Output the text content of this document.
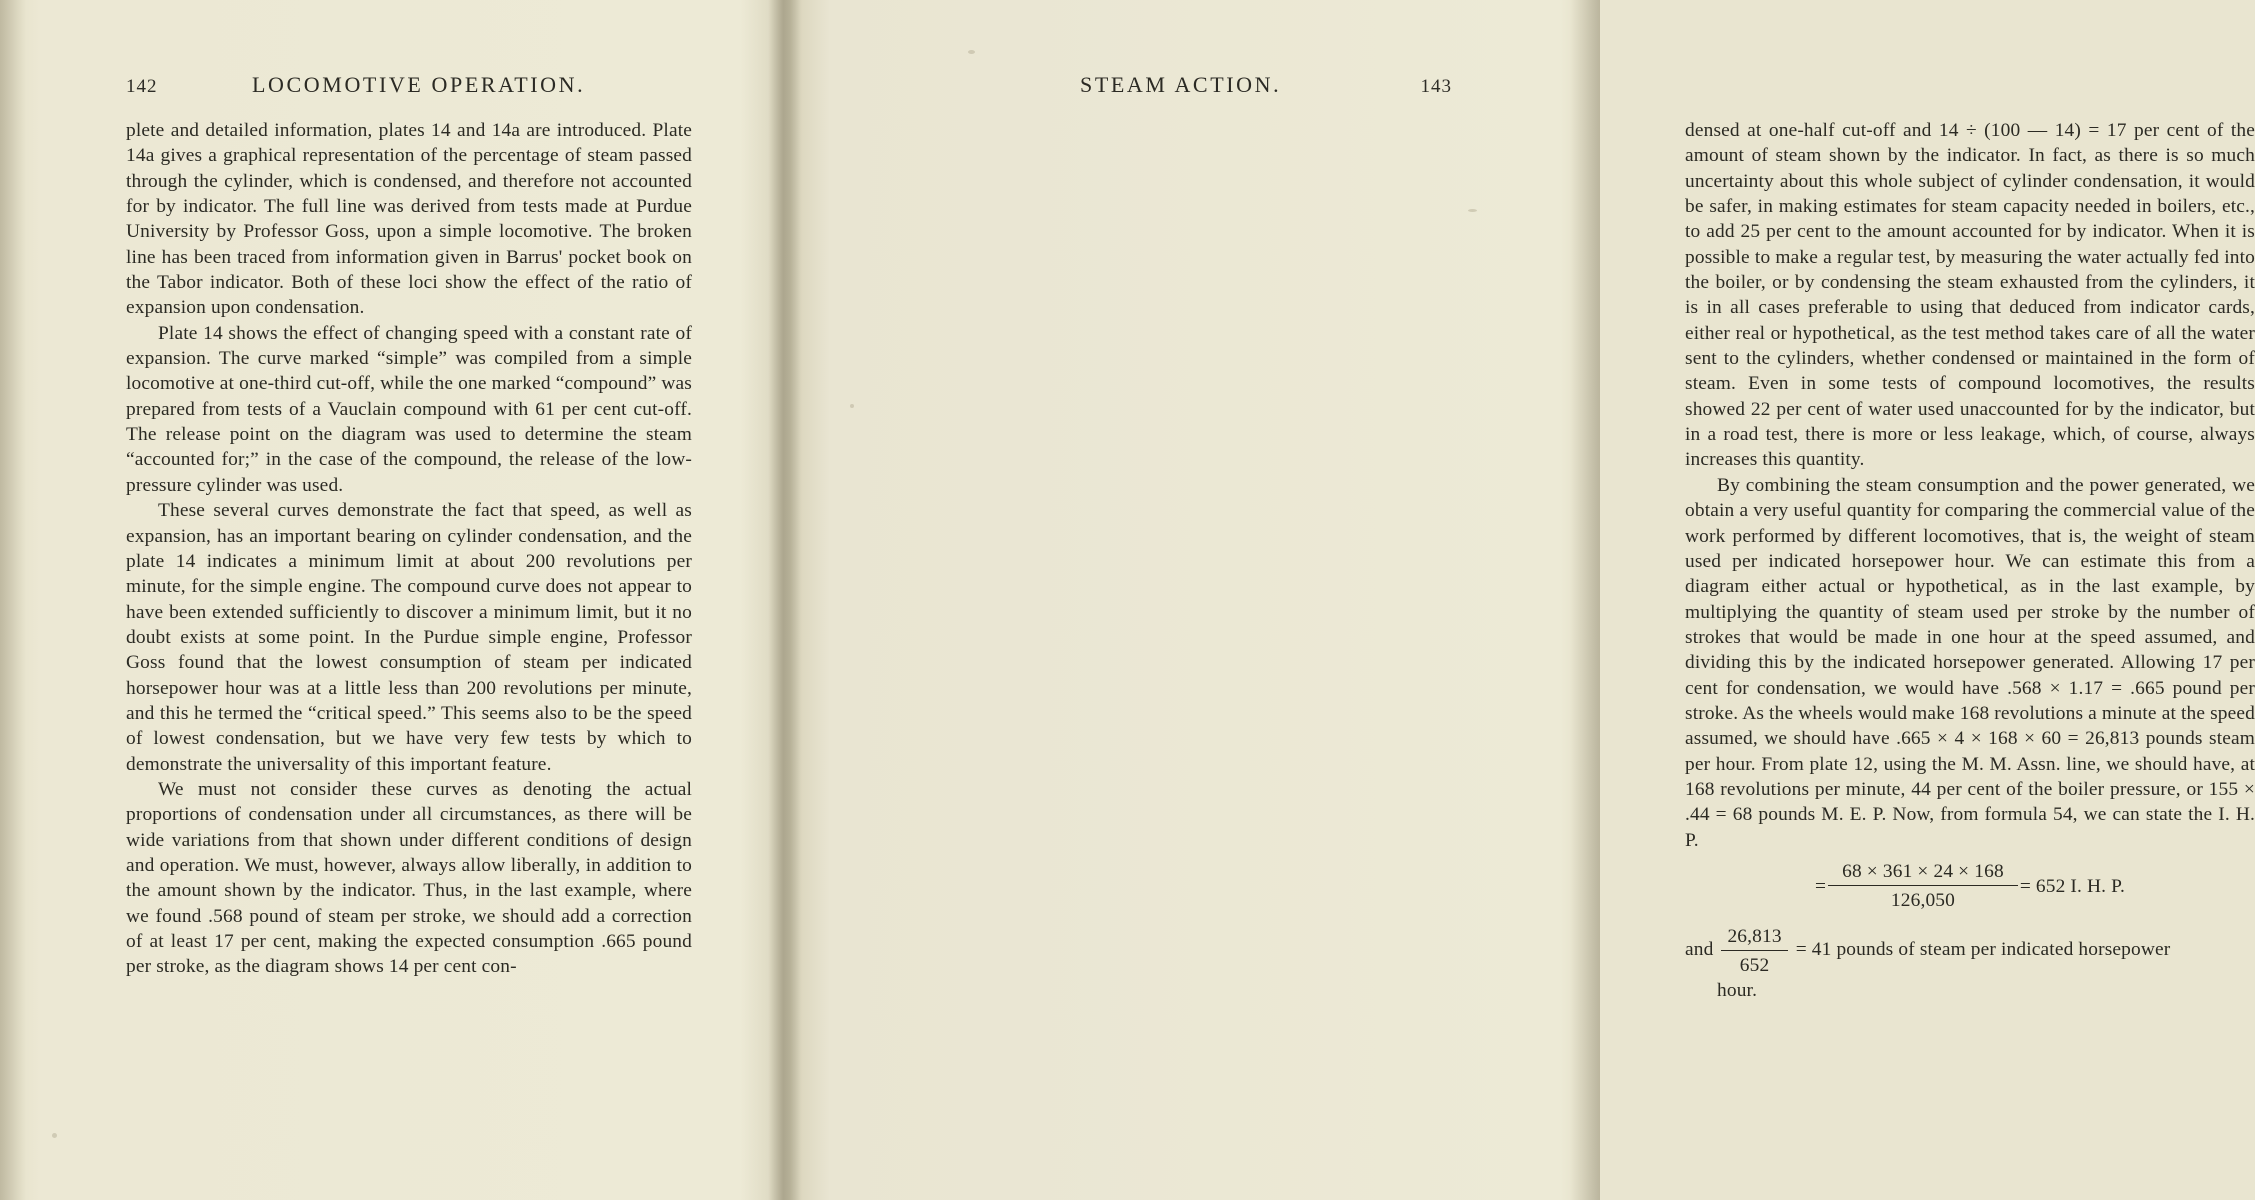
142	LOCOMOTIVE OPERATION.

plete and detailed information, plates 14 and 14a are introduced. Plate 14a gives a graphical representation of the percentage of steam passed through the cylinder, which is condensed, and therefore not accounted for by indicator. The full line was derived from tests made at Purdue University by Professor Goss, upon a simple locomotive. The broken line has been traced from information given in Barrus' pocket book on the Tabor indicator. Both of these loci show the effect of the ratio of expansion upon condensation.

Plate 14 shows the effect of changing speed with a constant rate of expansion. The curve marked “simple” was compiled from a simple locomotive at one-third cut-off, while the one marked “compound” was prepared from tests of a Vauclain compound with 61 per cent cut-off. The release point on the diagram was used to determine the steam “accounted for;” in the case of the compound, the release of the low-pressure cylinder was used.

These several curves demonstrate the fact that speed, as well as expansion, has an important bearing on cylinder condensation, and the plate 14 indicates a minimum limit at about 200 revolutions per minute, for the simple engine. The compound curve does not appear to have been extended sufficiently to discover a minimum limit, but it no doubt exists at some point. In the Purdue simple engine, Professor Goss found that the lowest consumption of steam per indicated horsepower hour was at a little less than 200 revolutions per minute, and this he termed the “critical speed.” This seems also to be the speed of lowest condensation, but we have very few tests by which to demonstrate the universality of this important feature.

We must not consider these curves as denoting the actual proportions of condensation under all circumstances, as there will be wide variations from that shown under different conditions of design and operation. We must, however, always allow liberally, in addition to the amount shown by the indicator. Thus, in the last example, where we found .568 pound of steam per stroke, we should add a correction of at least 17 per cent, making the expected consumption .665 pound per stroke, as the diagram shows 14 per cent con-

STEAM ACTION.	143

densed at one-half cut-off and 14 ÷ (100 — 14) = 17 per cent of the amount of steam shown by the indicator. In fact, as there is so much uncertainty about this whole subject of cylinder condensation, it would be safer, in making estimates for steam capacity needed in boilers, etc., to add 25 per cent to the amount accounted for by indicator. When it is possible to make a regular test, by measuring the water actually fed into the boiler, or by condensing the steam exhausted from the cylinders, it is in all cases preferable to using that deduced from indicator cards, either real or hypothetical, as the test method takes care of all the water sent to the cylinders, whether condensed or maintained in the form of steam. Even in some tests of compound locomotives, the results showed 22 per cent of water used unaccounted for by the indicator, but in a road test, there is more or less leakage, which, of course, always increases this quantity.

By combining the steam consumption and the power generated, we obtain a very useful quantity for comparing the commercial value of the work performed by different locomotives, that is, the weight of steam used per indicated horsepower hour. We can estimate this from a diagram either actual or hypothetical, as in the last example, by multiplying the quantity of steam used per stroke by the number of strokes that would be made in one hour at the speed assumed, and dividing this by the indicated horsepower generated. Allowing 17 per cent for condensation, we would have .568 × 1.17 = .665 pound per stroke. As the wheels would make 168 revolutions a minute at the speed assumed, we should have .665 × 4 × 168 × 60 = 26,813 pounds steam per hour. From plate 12, using the M. M. Assn. line, we should have, at 168 revolutions per minute, 44 per cent of the boiler pressure, or 155 × .44 = 68 pounds M. E. P. Now, from formula 54, we can state the I. H. P.

= $\frac{68 \times 361 \times 24 \times 168}{126,050} = 652$ I. H. P.
and $\frac{26,813}{652} = 41$ pounds of steam per indicated horsepower

hour.
